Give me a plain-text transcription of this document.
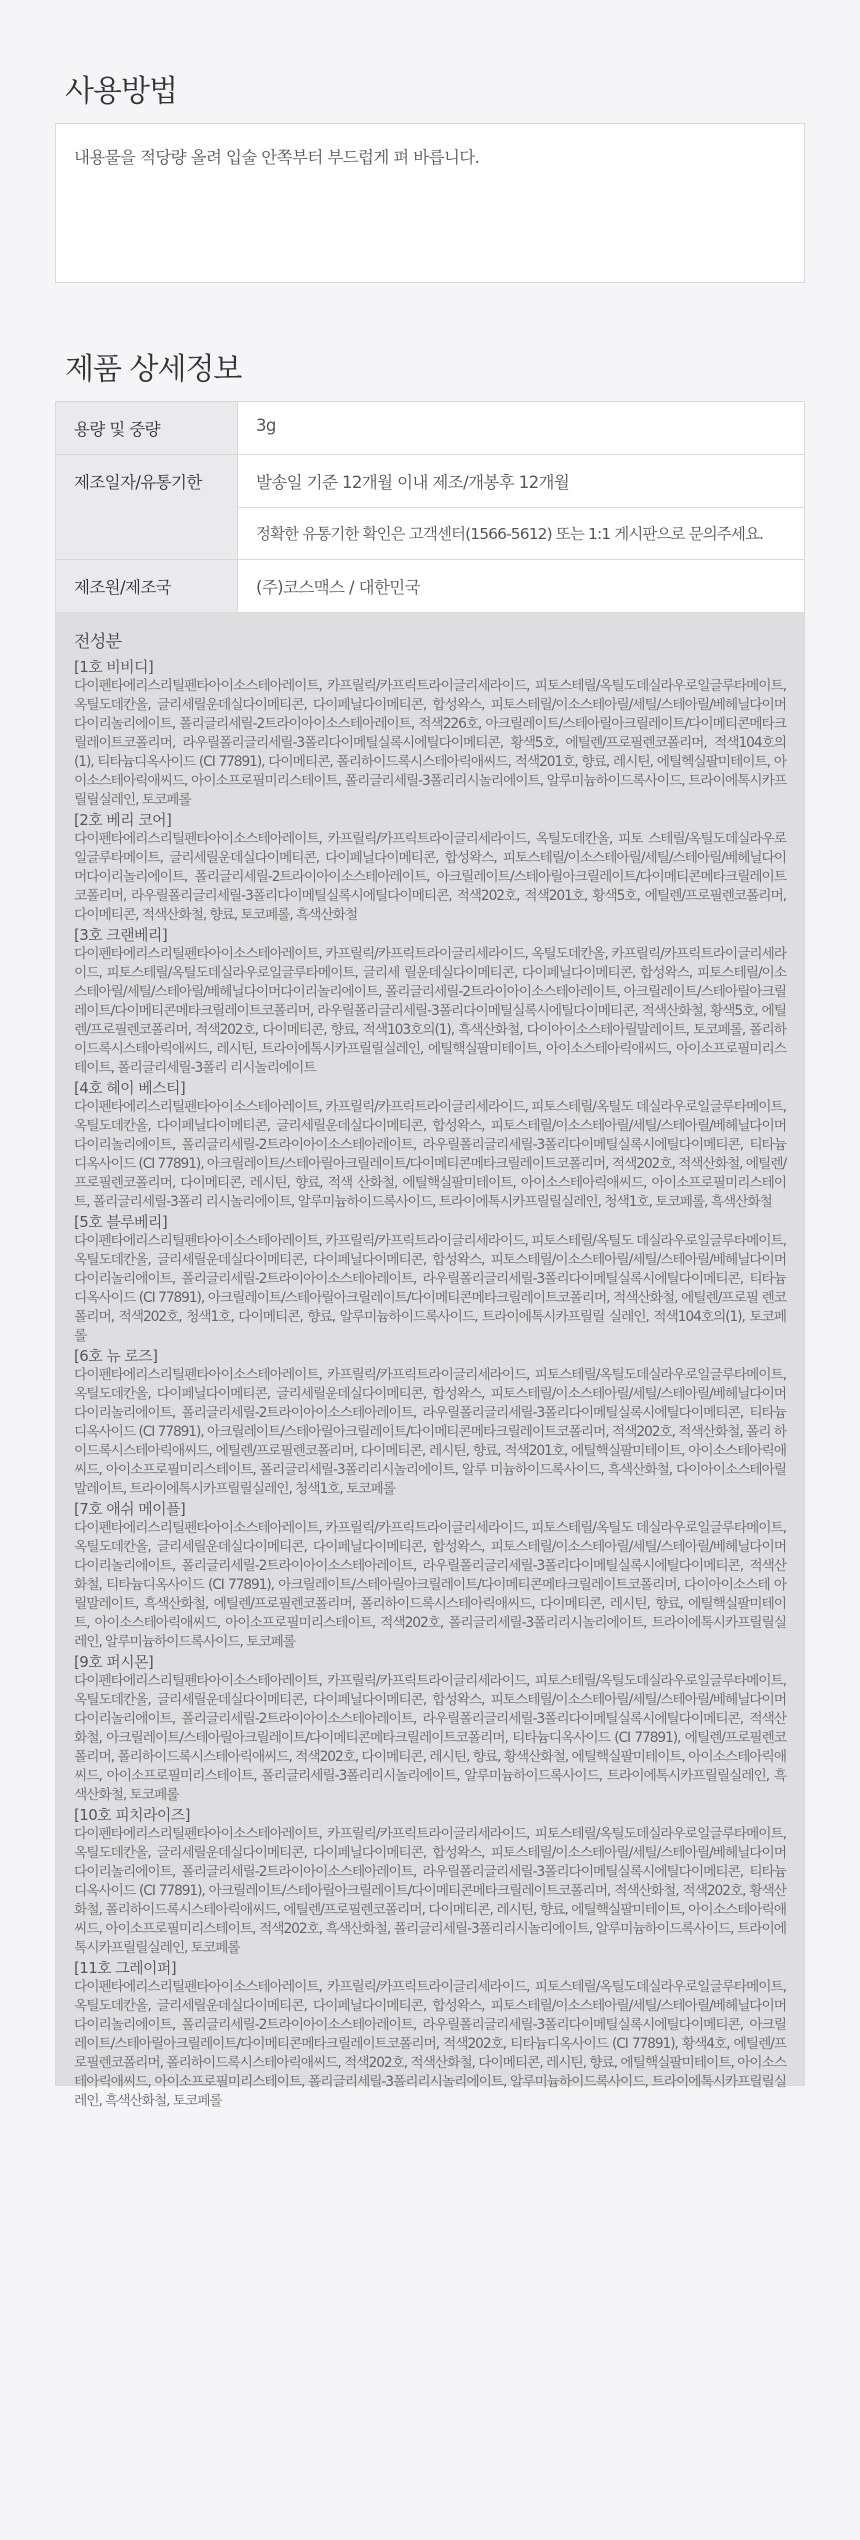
사용방법

내용물을 적당량 올려 입술 안쪽부터 부드럽게 펴 바릅니다.

제품 상세정보
용량 및 중량	3g
제조일자/유통기한	발송일 기준 12개월 이내 제조/개봉후 12개월
정확한 유통기한 확인은 고객센터(1566-5612) 또는 1:1 게시판으로 문의주세요.
제조원/제조국	(주)코스맥스 / 대한민국
전성분
[1호 비비디]
다이펜타에리스리틸펜타아이소스테아레이트, 카프릴릭/카프릭트라이글리세라이드, 피토스테릴/옥틸도데실라우로일글루타메이트, 옥틸도데칸올, 글리세릴운데실다이메티콘, 다이페닐다이메티콘, 합성왁스, 피토스테릴/이소스테아릴/세틸/스테아릴/베헤닐다이머다이리놀리에이트, 폴리글리세릴-2트라이아이소스테아레이트, 적색226호, 아크릴레이트/스테아릴아크릴레이트/다이메티콘메타크릴레이트코폴리머, 라우릴폴리글리세릴-3폴리다이메틸실록시에틸다이메티콘, 황색5호, 에틸렌/프로필렌코폴리머, 적색104호의(1), 티타늄디옥사이드 (CI 77891), 다이메티콘, 폴리하이드록시스테아릭애씨드, 적색201호, 향료, 레시틴, 에틸헥실팔미테이트, 아이소스테아릭애씨드, 아이소프로필미리스테이트, 폴리글리세릴-3폴리리시놀리에이트, 알루미늄하이드록사이드, 트라이에톡시카프릴릴실레인, 토코페롤
[2호 베리 코어]
다이펜타에리스리틸펜타아이소스테아레이트, 카프릴릭/카프릭트라이글리세라이드, 옥틸도데칸올, 피토 스테릴/옥틸도데실라우로일글루타메이트, 글리세릴운데실다이메티콘, 다이페닐다이메티콘, 합성왁스, 피토스테릴/이소스테아릴/세틸/스테아릴/베헤닐다이머다이리놀리에이트, 폴리글리세릴-2트라이아이소스테아레이트, 아크릴레이트/스테아릴아크릴레이트/다이메티콘메타크릴레이트코폴리머, 라우릴폴리글리세릴-3폴리다이메틸실록시에틸다이메티콘, 적색202호, 적색201호, 황색5호, 에틸렌/프로필렌코폴리머, 다이메티콘, 적색산화철, 향료, 토코페롤, 흑색산화철
[3호 크랜베리]
다이펜타에리스리틸펜타아이소스테아레이트, 카프릴릭/카프릭트라이글리세라이드, 옥틸도데칸올, 카프릴릭/카프릭트라이글리세라이드, 피토스테릴/옥틸도데실라우로일글루타메이트, 글리세 릴운데실다이메티콘, 다이페닐다이메티콘, 합성왁스, 피토스테릴/이소스테아릴/세틸/스테아릴/베헤닐다이머다이리놀리에이트, 폴리글리세릴-2트라이아이소스테아레이트, 아크릴레이트/스테아릴아크릴레이트/다이메티콘메타크릴레이트코폴리머, 라우릴폴리글리세릴-3폴리다이메틸실록시에틸다이메티콘, 적색산화철, 황색5호, 에틸렌/프로필렌코폴리머, 적색202호, 다이메티콘, 향료, 적색103호의(1), 흑색산화철, 다이아이소스테아릴말레이트, 토코페롤, 폴리하이드록시스테아릭애씨드, 레시틴, 트라이에톡시카프릴릴실레인, 에틸핵실팔미테이트, 아이소스테아릭애씨드, 아이소프로필미리스테이트, 폴리글리세릴-3폴리 리시놀리에이트
[4호 헤이 베스티]
다이펜타에리스리틸펜타아이소스테아레이트, 카프릴릭/카프릭트라이글리세라이드, 피토스테릴/옥틸도 데실라우로일글루타메이트, 옥틸도데칸올, 다이페닐다이메티콘, 글리세릴운데실다이메티콘, 합성왁스, 피토스테릴/이소스테아릴/세틸/스테아릴/베헤닐다이머다이리놀리에이트, 폴리글리세릴-2트라이아이소스테아레이트, 라우릴폴리글리세릴-3폴리다이메틸실록시에틸다이메티콘, 티타늄디옥사이드 (CI 77891), 아크릴레이트/스테아릴아크릴레이트/다이메티콘메타크릴레이트코폴리머, 적색202호, 적색산화철, 에틸렌/프로필렌코폴리머, 다이메티콘, 레시틴, 향료, 적색 산화철, 에틸핵실팔미테이트, 아이소스테아릭애씨드, 아이소프로필미리스테이트, 폴리글리세릴-3폴리 리시놀리에이트, 알루미늄하이드록사이드, 트라이에톡시카프릴릴실레인, 청색1호, 토코페롤, 흑색산화철
[5호 블루베리]
다이펜타에리스리틸펜타아이소스테아레이트, 카프릴릭/카프릭트라이글리세라이드, 피토스테릴/옥틸도 데실라우로일글루타메이트, 옥틸도데칸올, 글리세릴운데실다이메티콘, 다이페닐다이메티콘, 합성왁스, 피토스테릴/이소스테아릴/세틸/스테아릴/베헤닐다이머다이리놀리에이트, 폴리글리세릴-2트라이아이소스테아레이트, 라우릴폴리글리세릴-3폴리다이메틸실록시에틸다이메티콘, 티타늄디옥사이드 (CI 77891), 아크릴레이트/스테아릴아크릴레이트/다이메티콘메타크릴레이트코폴리머, 적색산화철, 에틸렌/프로필 렌코폴리머, 적색202호, 청색1호, 다이메티콘, 향료, 알루미늄하이드록사이드, 트라이에톡시카프릴릴 실레인, 적색104호의(1), 토코페롤
[6호 뉴 로즈]
다이펜타에리스리틸펜타아이소스테아레이트, 카프릴릭/카프릭트라이글리세라이드, 피토스테릴/옥틸도데실라우로일글루타메이트, 옥틸도데칸올, 다이페닐다이메티콘, 글리세릴운데실다이메티콘, 합성왁스, 피토스테릴/이소스테아릴/세틸/스테아릴/베헤닐다이머다이리놀리에이트, 폴리글리세릴-2트라이아이소스테아레이트, 라우릴폴리글리세릴-3폴리다이메틸실록시에틸다이메티콘, 티타늄디옥사이드 (CI 77891), 아크릴레이트/스테아릴아크릴레이트/다이메티콘메타크릴레이트코폴리머, 적색202호, 적색산화철, 폴리 하이드록시스테아릭애씨드, 에틸렌/프로필렌코폴리머, 다이메티콘, 레시틴, 향료, 적색201호, 에틸핵실팔미테이트, 아이소스테아릭애씨드, 아이소프로필미리스테이트, 폴리글리세릴-3폴리리시놀리에이트, 알루 미늄하이드록사이드, 흑색산화철, 다이아이소스테아릴말레이트, 트라이에톡시카프릴릴실레인, 청색1호, 토코페롤
[7호 애쉬 메이플]
다이펜타에리스리틸펜타아이소스테아레이트, 카프릴릭/카프릭트라이글리세라이드, 피토스테릴/옥틸도 데실라우로일글루타메이트, 옥틸도데칸올, 글리세릴운데실다이메티콘, 다이페닐다이메티콘, 합성왁스, 피토스테릴/이소스테아릴/세틸/스테아릴/베헤닐다이머다이리놀리에이트, 폴리글리세릴-2트라이아이소스테아레이트, 라우릴폴리글리세릴-3폴리다이메틸실록시에틸다이메티콘, 적색산화철, 티타늄디옥사이드 (CI 77891), 아크릴레이트/스테아릴아크릴레이트/다이메티콘메타크릴레이트코폴리머, 다이아이소스테 아릴말레이트, 흑색산화철, 에틸렌/프로필렌코폴리머, 폴리하이드록시스테아릭애씨드, 다이메티콘, 레시틴, 향료, 에틸핵실팔미테이트, 아이소스테아릭애씨드, 아이소프로필미리스테이트, 적색202호, 폴리글리세릴-3폴리리시놀리에이트, 트라이에톡시카프릴릴실레인, 알루미늄하이드록사이드, 토코페롤
[9호 퍼시몬]
다이펜타에리스리틸펜타아이소스테아레이트, 카프릴릭/카프릭트라이글리세라이드, 피토스테릴/옥틸도데실라우로일글루타메이트, 옥틸도데칸올, 글리세릴운데실다이메티콘, 다이페닐다이메티콘, 합성왁스, 피토스테릴/이소스테아릴/세틸/스테아릴/베헤닐다이머다이리놀리에이트, 폴리글리세릴-2트라이아이소스테아레이트, 라우릴폴리글리세릴-3폴리다이메틸실록시에틸다이메티콘, 적색산화철, 아크릴레이트/스테아릴아크릴레이트/다이메티콘메타크릴레이트코폴리머, 티타늄디옥사이드 (CI 77891), 에틸렌/프로필렌코폴리머, 폴리하이드록시스테아릭애씨드, 적색202호, 다이메티콘, 레시틴, 향료, 황색산화철, 에틸핵실팔미테이트, 아이소스테아릭애씨드, 아이소프로필미리스테이트, 폴리글리세릴-3폴리리시놀리에이트, 알루미늄하이드록사이드, 트라이에톡시카프릴릴실레인, 흑색산화철, 토코페롤
[10호 피치라이즈]
다이펜타에리스리틸펜타아이소스테아레이트, 카프릴릭/카프릭트라이글리세라이드, 피토스테릴/옥틸도데실라우로일글루타메이트, 옥틸도데칸올, 글리세릴운데실다이메티콘, 다이페닐다이메티콘, 합성왁스, 피토스테릴/이소스테아릴/세틸/스테아릴/베헤닐다이머다이리놀리에이트, 폴리글리세릴-2트라이아이소스테아레이트, 라우릴폴리글리세릴-3폴리다이메틸실록시에틸다이메티콘, 티타늄디옥사이드 (CI 77891), 아크릴레이트/스테아릴아크릴레이트/다이메티콘메타크릴레이트코폴리머, 적색산화철, 적색202호, 황색산화철, 폴리하이드록시스테아릭애씨드, 에틸렌/프로필렌코폴리머, 다이메티콘, 레시틴, 향료, 에틸핵실팔미테이트, 아이소스테아릭애씨드, 아이소프로필미리스테이트, 적색202호, 흑색산화철, 폴리글리세릴-3폴리리시놀리에이트, 알루미늄하이드록사이드, 트라이에톡시카프릴릴실레인, 토코페롤
[11호 그레이퍼]
다이펜타에리스리틸펜타아이소스테아레이트, 카프릴릭/카프릭트라이글리세라이드, 피토스테릴/옥틸도데실라우로일글루타메이트, 옥틸도데칸올, 글리세릴운데실다이메티콘, 다이페닐다이메티콘, 합성왁스, 피토스테릴/이소스테아릴/세틸/스테아릴/베헤닐다이머다이리놀리에이트, 폴리글리세릴-2트라이아이소스테아레이트, 라우릴폴리글리세릴-3폴리다이메틸실록시에틸다이메티콘, 아크릴레이트/스테아릴아크릴레이트/다이메티콘메타크릴레이트코폴리머, 적색202호, 티타늄디옥사이드 (CI 77891), 황색4호, 에틸렌/프로필렌코폴리머, 폴리하이드록시스테아릭애씨드, 적색202호, 적색산화철, 다이메티콘, 레시틴, 향료, 에틸핵실팔미테이트, 아이소스테아릭애씨드, 아이소프로필미리스테이트, 폴리글리세릴-3폴리리시놀리에이트, 알루미늄하이드록사이드, 트라이에톡시카프릴릴실레인, 흑색산화철, 토코페롤
